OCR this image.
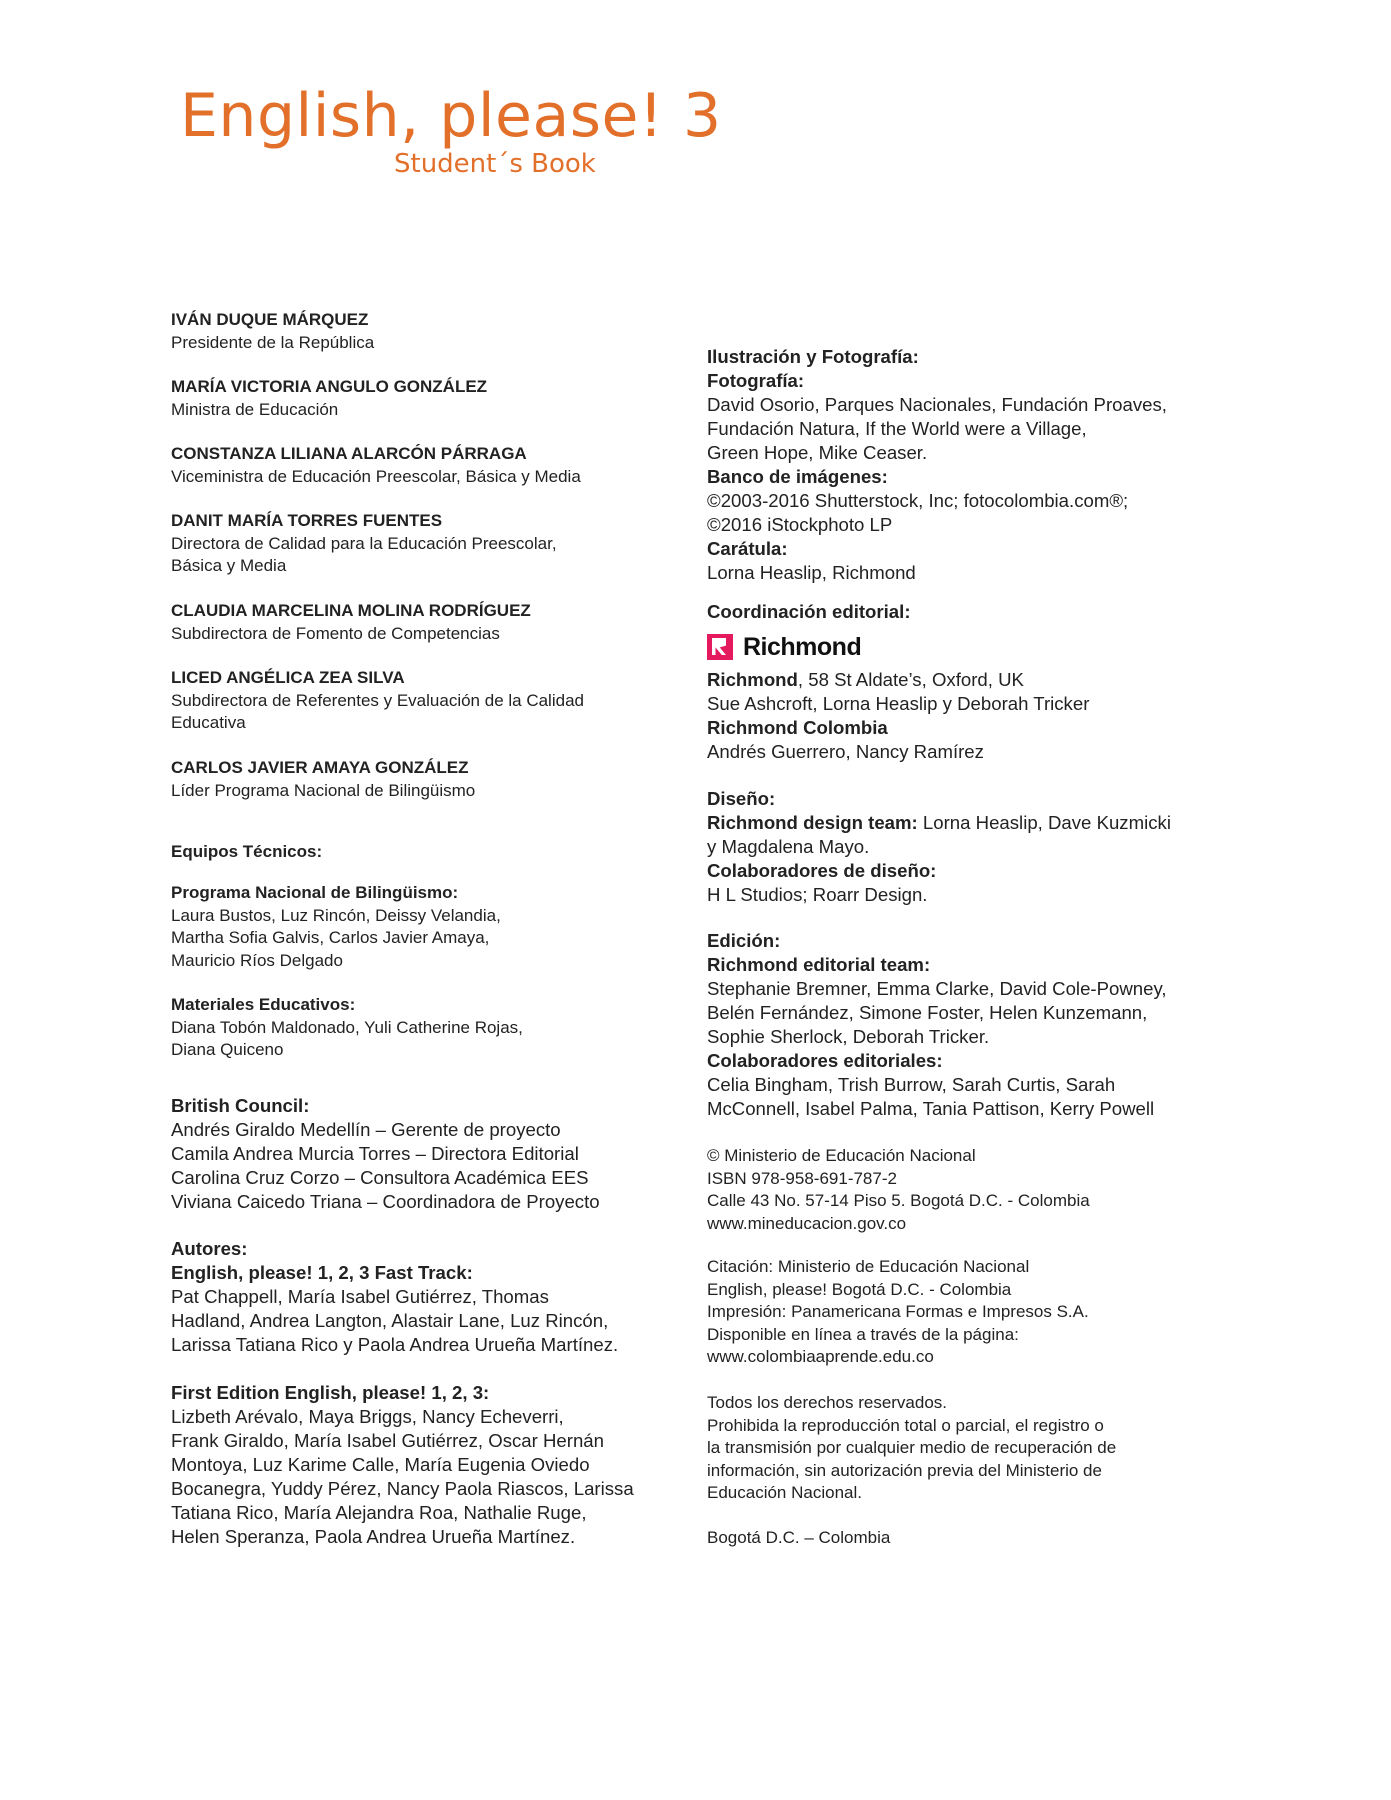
English, please! 3
Student´s Book
IVÁN DUQUE MÁRQUEZ
Presidente de la República
MARÍA VICTORIA ANGULO GONZÁLEZ
Ministra de Educación
CONSTANZA LILIANA ALARCÓN PÁRRAGA
Viceministra de Educación Preescolar, Básica y Media
DANIT MARÍA TORRES FUENTES
Directora de Calidad para la Educación Preescolar,
Básica y Media
CLAUDIA MARCELINA MOLINA RODRÍGUEZ
Subdirectora de Fomento de Competencias
LICED ANGÉLICA ZEA SILVA
Subdirectora de Referentes y Evaluación de la Calidad
Educativa
CARLOS JAVIER AMAYA GONZÁLEZ
Líder Programa Nacional de Bilingüismo
Equipos Técnicos:
Programa Nacional de Bilingüismo:
Laura Bustos, Luz Rincón, Deissy Velandia,
Martha Sofia Galvis, Carlos Javier Amaya,
Mauricio Ríos Delgado
Materiales Educativos:
Diana Tobón Maldonado, Yuli Catherine Rojas,
Diana Quiceno
British Council:
Andrés Giraldo Medellín – Gerente de proyecto
Camila Andrea Murcia Torres – Directora Editorial
Carolina Cruz Corzo – Consultora Académica EES
Viviana Caicedo Triana – Coordinadora de Proyecto
Autores:
English, please! 1, 2, 3 Fast Track:
Pat Chappell, María Isabel Gutiérrez, Thomas
Hadland, Andrea Langton, Alastair Lane, Luz Rincón,
Larissa Tatiana Rico y Paola Andrea Urueña Martínez.
First Edition English, please! 1, 2, 3:
Lizbeth Arévalo, Maya Briggs, Nancy Echeverri,
Frank Giraldo, María Isabel Gutiérrez, Oscar Hernán
Montoya, Luz Karime Calle, María Eugenia Oviedo
Bocanegra, Yuddy Pérez, Nancy Paola Riascos, Larissa
Tatiana Rico, María Alejandra Roa, Nathalie Ruge,
Helen Speranza, Paola Andrea Urueña Martínez.
Ilustración y Fotografía:
Fotografía:
David Osorio, Parques Nacionales, Fundación Proaves,
Fundación Natura, If the World were a Village,
Green Hope, Mike Ceaser.
Banco de imágenes:
©2003-2016 Shutterstock, Inc; fotocolombia.com®;
©2016 iStockphoto LP
Carátula:
Lorna Heaslip, Richmond
Coordinación editorial:
Richmond
Richmond, 58 St Aldate’s, Oxford, UK
Sue Ashcroft, Lorna Heaslip y Deborah Tricker
Richmond Colombia
Andrés Guerrero, Nancy Ramírez
Diseño:
Richmond design team: Lorna Heaslip, Dave Kuzmicki
y Magdalena Mayo.
Colaboradores de diseño:
H L Studios; Roarr Design.
Edición:
Richmond editorial team:
Stephanie Bremner, Emma Clarke, David Cole-Powney,
Belén Fernández, Simone Foster, Helen Kunzemann,
Sophie Sherlock, Deborah Tricker.
Colaboradores editoriales:
Celia Bingham, Trish Burrow, Sarah Curtis, Sarah
McConnell, Isabel Palma, Tania Pattison, Kerry Powell
© Ministerio de Educación Nacional
ISBN 978-958-691-787-2
Calle 43 No. 57-14 Piso 5. Bogotá D.C. - Colombia
www.mineducacion.gov.co
Citación: Ministerio de Educación Nacional
English, please! Bogotá D.C. - Colombia
Impresión: Panamericana Formas e Impresos S.A.
Disponible en línea a través de la página:
www.colombiaaprende.edu.co
Todos los derechos reservados.
Prohibida la reproducción total o parcial, el registro o
la transmisión por cualquier medio de recuperación de
información, sin autorización previa del Ministerio de
Educación Nacional.
Bogotá D.C. – Colombia
